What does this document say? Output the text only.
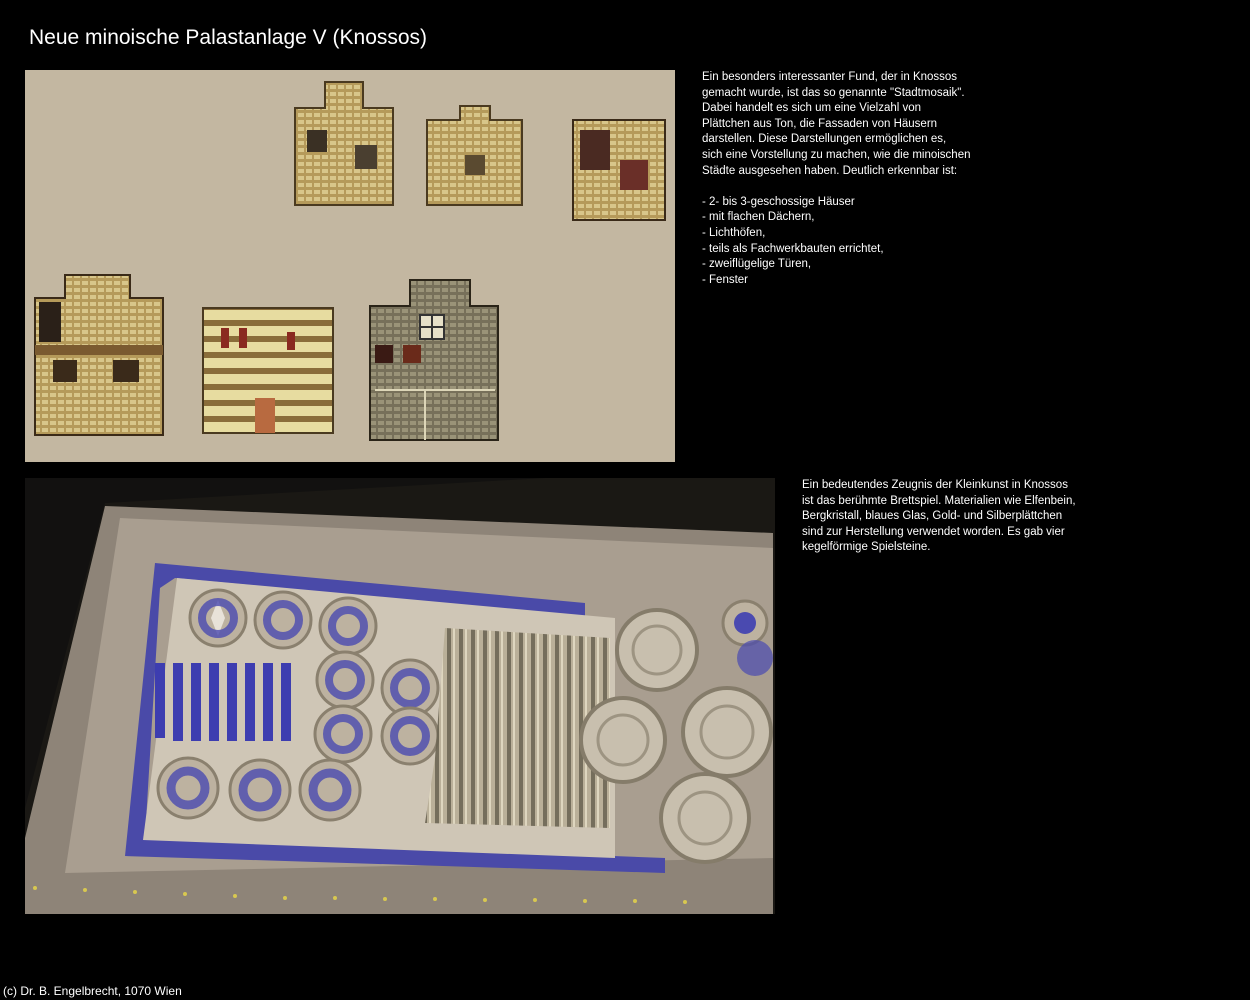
Neue minoische Palastanlage V (Knossos)

Ein besonders interessanter Fund, der in Knossos

gemacht wurde, ist das so genannte "Stadtmosaik".

Dabei handelt es sich um eine Vielzahl von

Plättchen aus Ton, die Fassaden von Häusern

darstellen. Diese Darstellungen ermöglichen es,

sich eine Vorstellung zu machen, wie die minoischen

Städte ausgesehen haben. Deutlich erkennbar ist:

- 2- bis 3-geschossige Häuser
- mit flachen Dächern,
- Lichthöfen,
- teils als Fachwerkbauten errichtet,
- zweiflügelige Türen,
- Fenster

Ein bedeutendes Zeugnis der Kleinkunst in Knossos

ist das berühmte Brettspiel. Materialien wie Elfenbein,

Bergkristall, blaues Glas, Gold- und Silberplättchen

sind zur Herstellung verwendet worden. Es gab vier

kegelförmige Spielsteine.

(c) Dr. B. Engelbrecht, 1070 Wien
